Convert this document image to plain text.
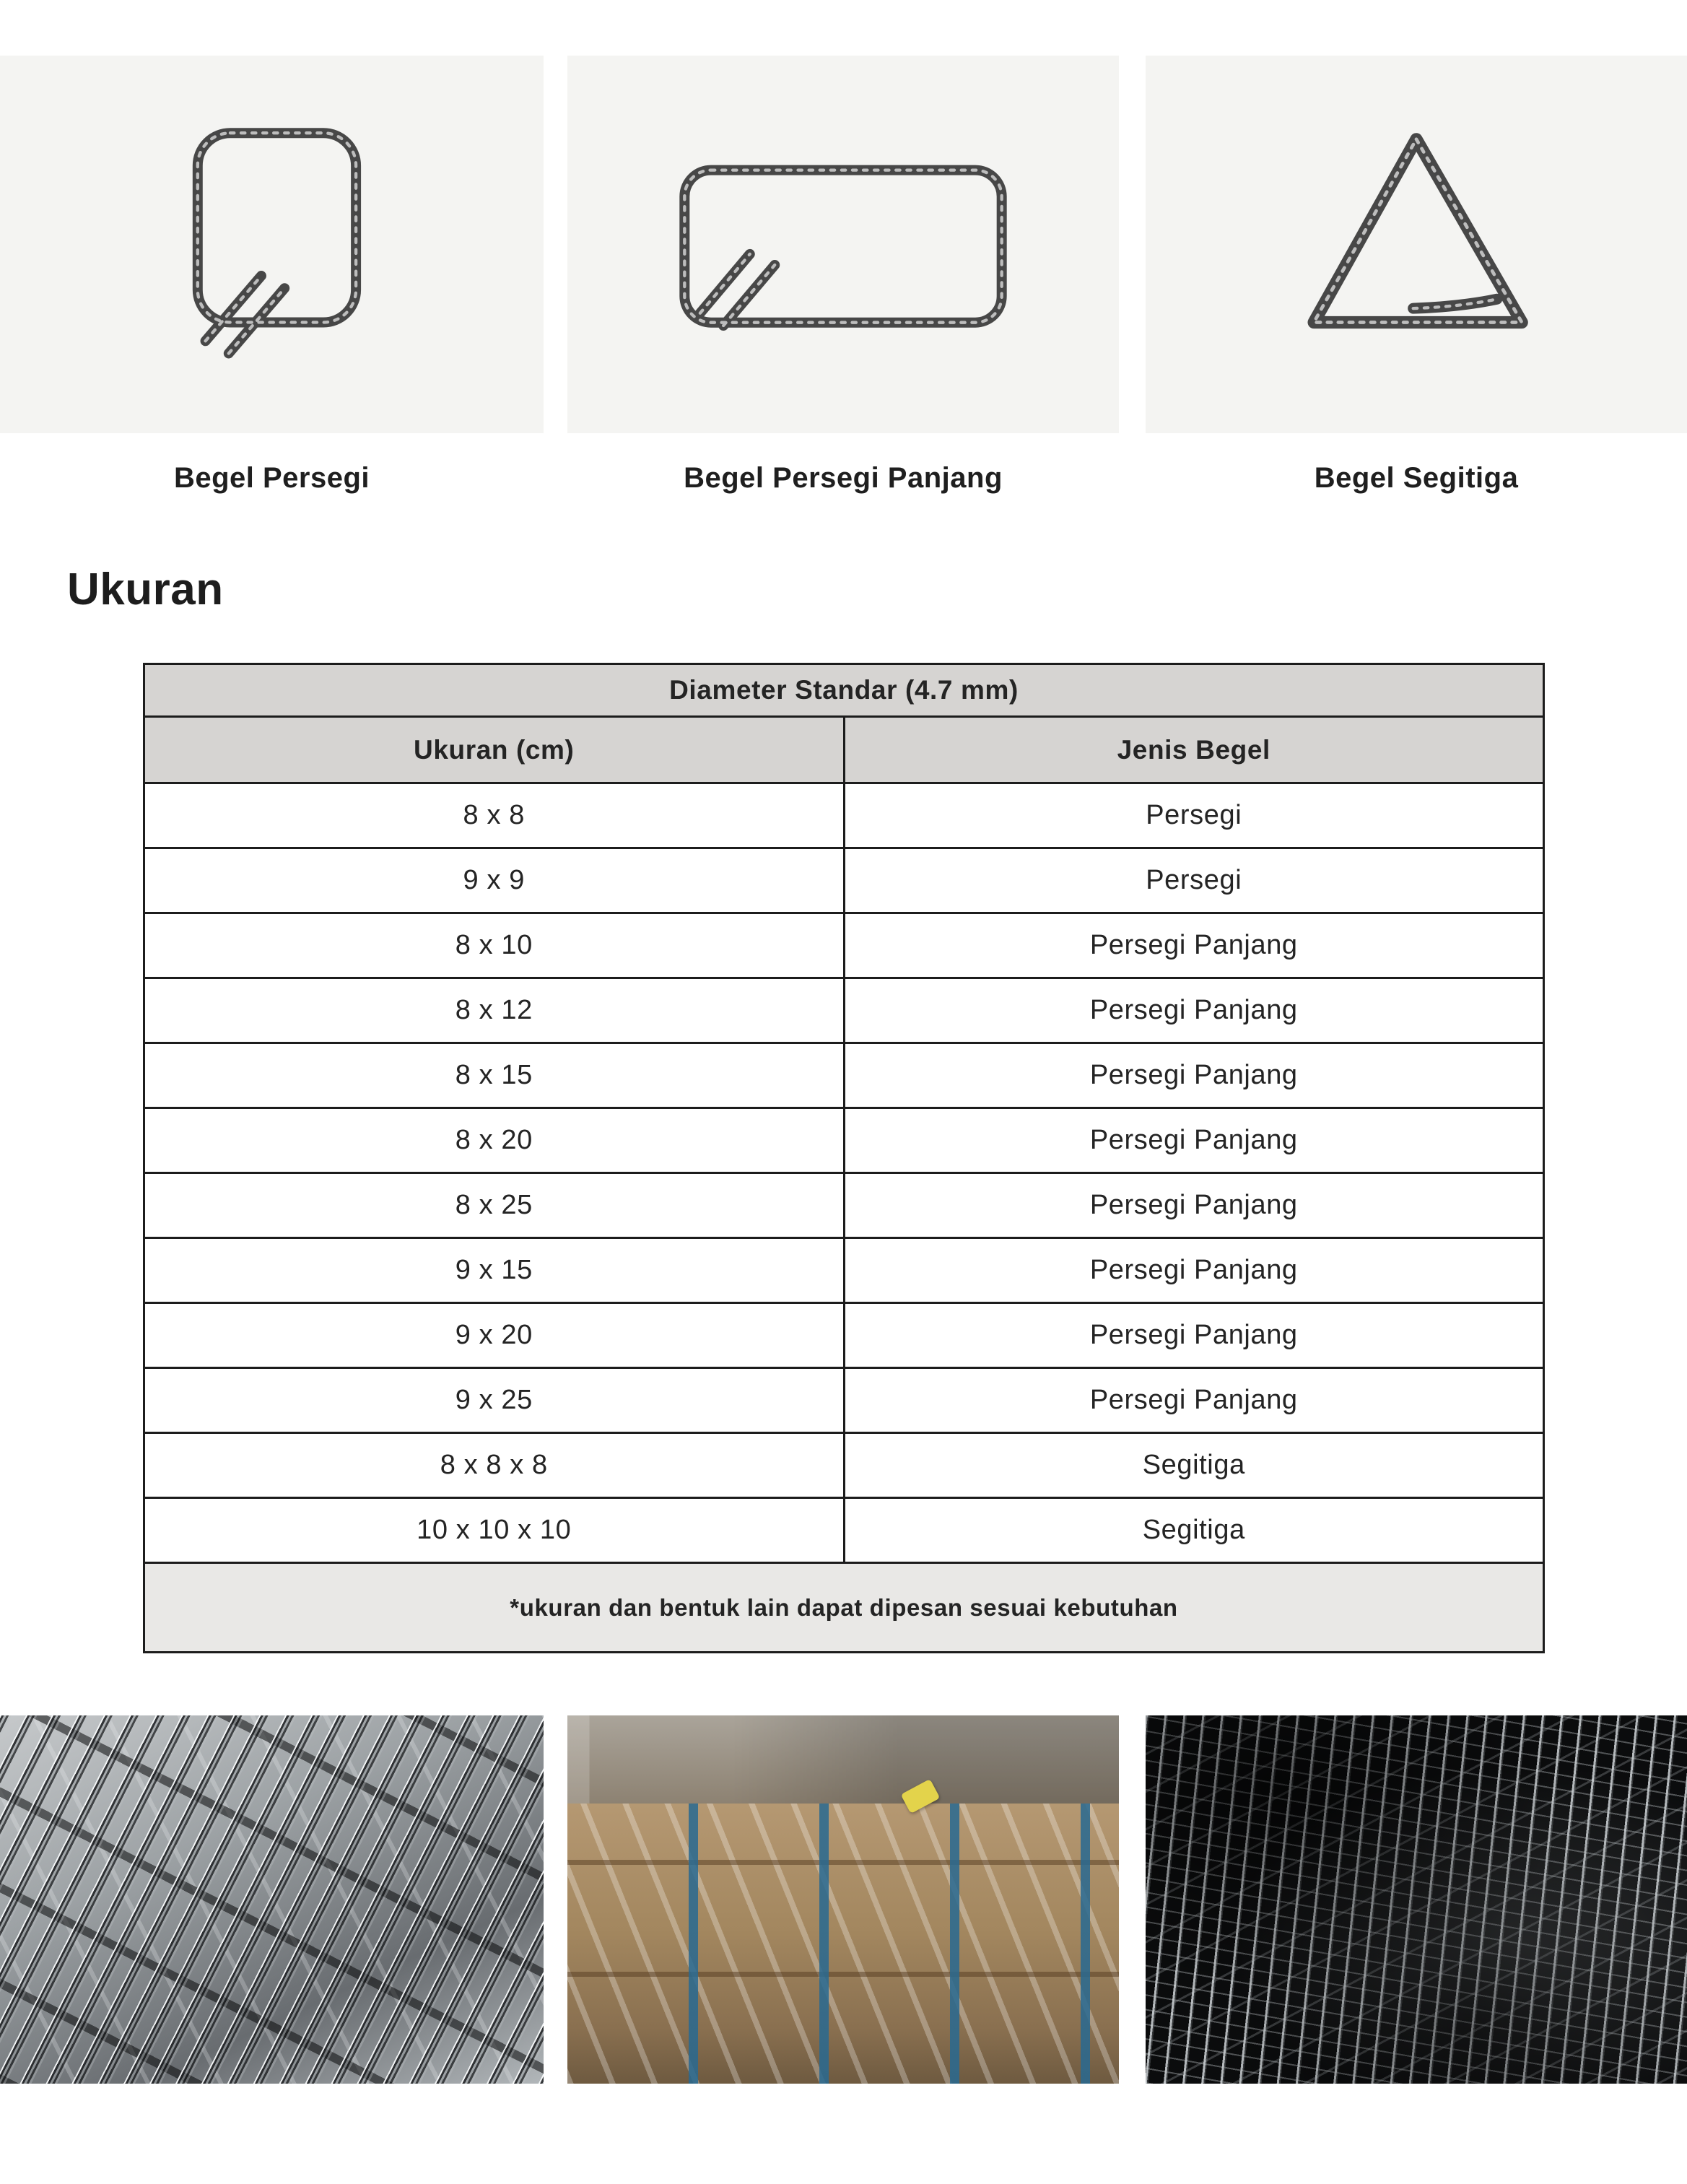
Begel Persegi	Begel Persegi Panjang	Begel Segitiga
Ukuran
Diameter Standar (4.7 mm)	
Ukuran (cm)	Jenis Begel
8 x 8	Persegi
9 x 9	Persegi
8 x 10	Persegi Panjang
8 x 12	Persegi Panjang
8 x 15	Persegi Panjang
8 x 20	Persegi Panjang
8 x 25	Persegi Panjang
9 x 15	Persegi Panjang
9 x 20	Persegi Panjang
9 x 25	Persegi Panjang
8 x 8 x 8	Segitiga
10 x 10 x 10	Segitiga
*ukuran dan bentuk lain dapat dipesan sesuai kebutuhan	
